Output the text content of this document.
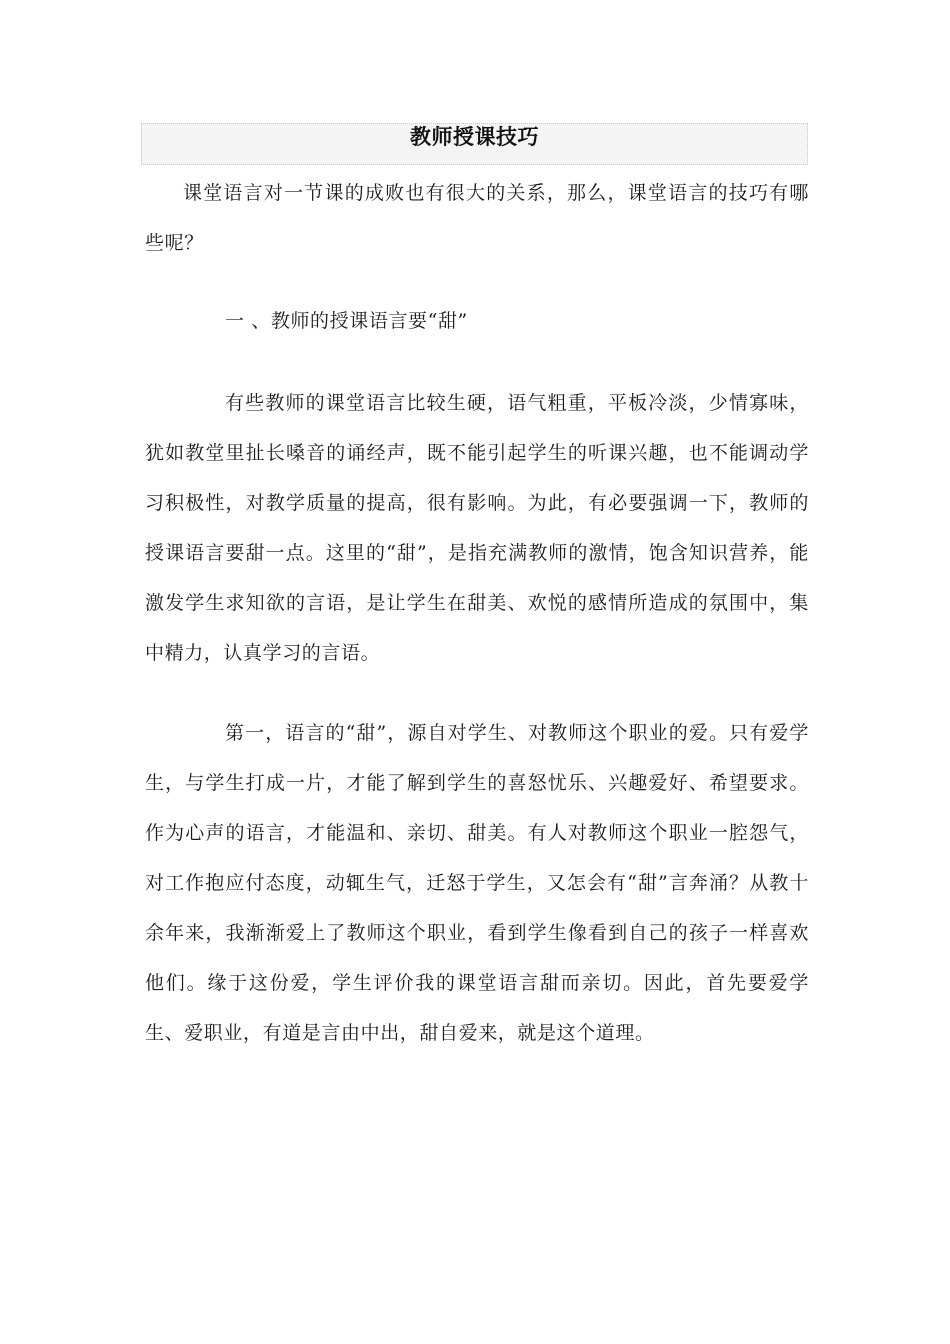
教师授课技巧

课堂语言对一节课的成败也有很大的关系，那么，课堂语言的技巧有哪些呢？

一 、教师的授课语言要“甜”

有些教师的课堂语言比较生硬，语气粗重，平板冷淡，少情寡味，犹如教堂里扯长嗓音的诵经声，既不能引起学生的听课兴趣，也不能调动学习积极性，对教学质量的提高，很有影响。为此，有必要强调一下，教师的授课语言要甜一点。这里的“甜”，是指充满教师的激情，饱含知识营养，能激发学生求知欲的言语，是让学生在甜美、欢悦的感情所造成的氛围中，集中精力，认真学习的言语。

第一，语言的“甜”，源自对学生、对教师这个职业的爱。只有爱学生，与学生打成一片，才能了解到学生的喜怒忧乐、兴趣爱好、希望要求。作为心声的语言，才能温和、亲切、甜美。有人对教师这个职业一腔怨气，对工作抱应付态度，动辄生气，迁怒于学生，又怎会有“甜”言奔涌？从教十余年来，我渐渐爱上了教师这个职业，看到学生像看到自己的孩子一样喜欢他们。缘于这份爱，学生评价我的课堂语言甜而亲切。因此，首先要爱学生、爱职业，有道是言由中出，甜自爱来，就是这个道理。
